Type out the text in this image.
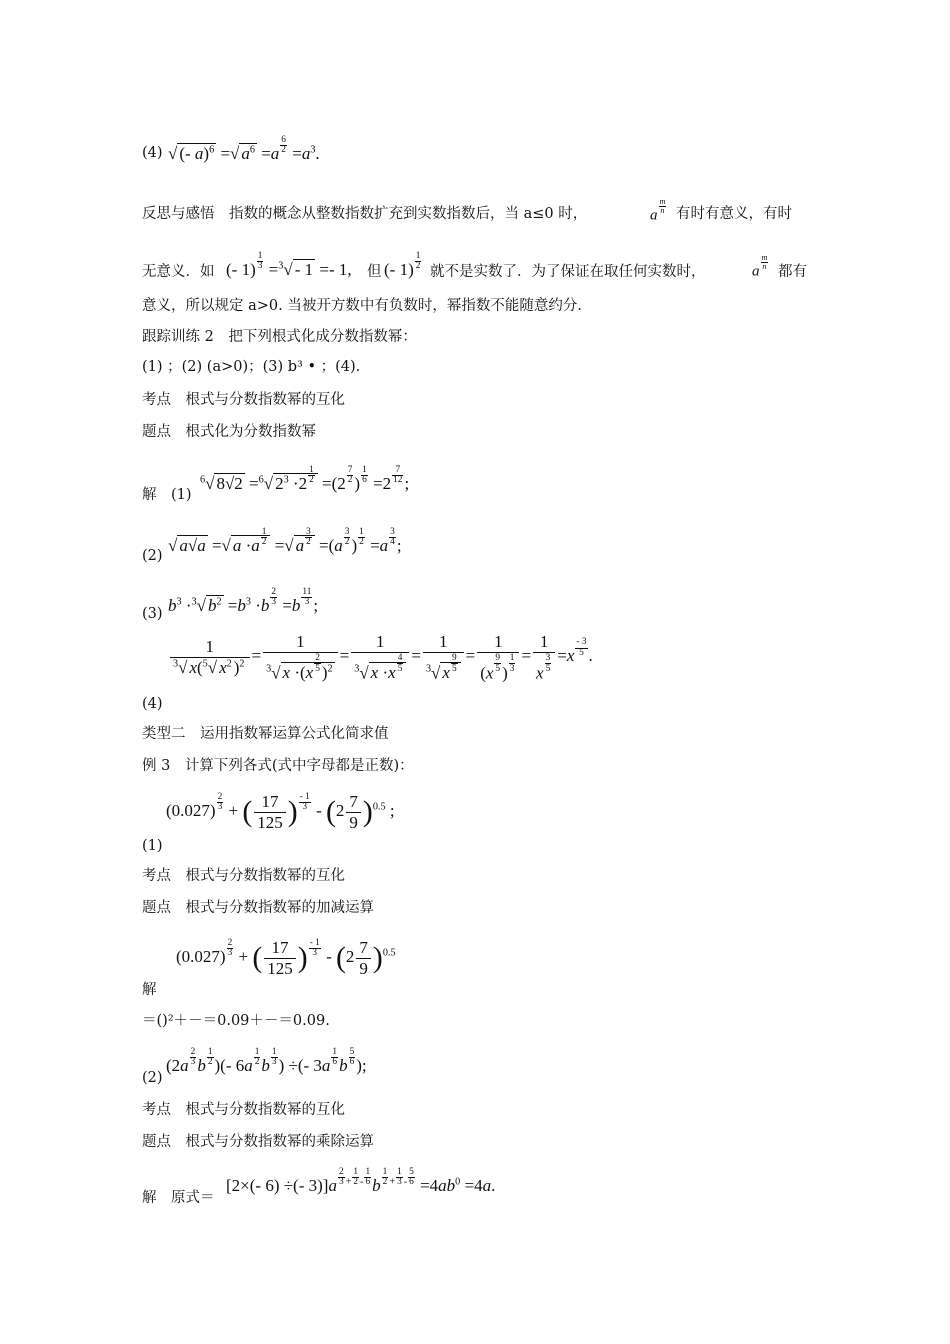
(4) √ (- a)$^6$ =√ $a^6 =a \frac{6}{2} =a^3$.
反思与感悟　指数的概念从整数指数扩充到实数指数后，当 a≤0 时，	a $\frac{m}{n}$ 有时有意义，有时
无意义．如 (- $1) \frac{1}{3} =^3√ - 1 =- 1$, 但 (- $1) \frac{1}{2}$
就不是实数了．为了保证在取任何实数时，	a $\frac{m}{n}$
都有
意义，所以规定 a>0. 当被开方数中有负数时，幂指数不能随意约分．
跟踪训练 2　把下列根式化成分数指数幂：
(1) ；(2) (a>0)；(3) b³ • ；(4).
考点　根式与分数指数幂的互化
题点　根式化为分数指数幂
解　(1)
$^6$√ 8√2 =$^6$√ $2^3 \cdot 2 \frac{1}{2} =(2 \frac{7}{2}$ ) $\frac{1}{6} =2 \frac{7}{12}$ ;
(2)
√ a√a =√ $a \cdot a \frac{1}{2}$ =√ a $\frac{3}{2} =(a \frac{3}{2}$ ) $\frac{1}{2} =a \frac{3}{4}$ ;
(3) $b^3 \cdot^3√$ $b^2 =b^3 \cdot b \frac{2}{3} =b \frac{11}{3}$ ;
(4)
$\frac{1}{^3√ x(^5√ x^2 )^2} = \frac{1}{^3√ x \cdot(x \frac{2}{5} )^2} = \frac{1}{^3√ x \cdot x \frac{4}{5}} = \frac{1}{^3√ x \frac{9}{5}} = \frac{1}{(x \frac{9}{5} ) \frac{1}{3}} = \frac{1}{x \frac{3}{5}} =x \frac{- 3}{5}$ .
类型二　运用指数幂运算公式化简求值
例 3　计算下列各式(式中字母都是正数)：
(1)
$(0.027) \frac{2}{3}$ + ( $\frac{17}{125}$ ) $\frac{- 1}{3} - (2 \frac{7}{9} )^{0.5}$ ;
考点　根式与分数指数幂的互化
题点　根式与分数指数幂的加减运算
解
$(0.027) \frac{2}{3}$ + ( $\frac{17}{125}$ ) $\frac{- 1}{3} - (2 \frac{7}{9} )^{0.5}$
＝()²＋－＝0.09＋－＝0.09.
(2)
($2a \frac{2}{3}$ b $\frac{1}{2}$ )(- $6a \frac{1}{2}$ b $\frac{1}{3}$ ) ÷(- $3a \frac{1}{6}$ b $\frac{5}{6}$ );
考点　根式与分数指数幂的互化
题点　根式与分数指数幂的乘除运算
解　原式＝
[2×(- 6) ÷(- $3)]a \frac{2}{3} ^+ \frac{1}{2} ^- \frac{1}{6}$ b $\frac{1}{2} ^+ \frac{1}{3} ^- \frac{5}{6} =4ab^0 =4a$.
